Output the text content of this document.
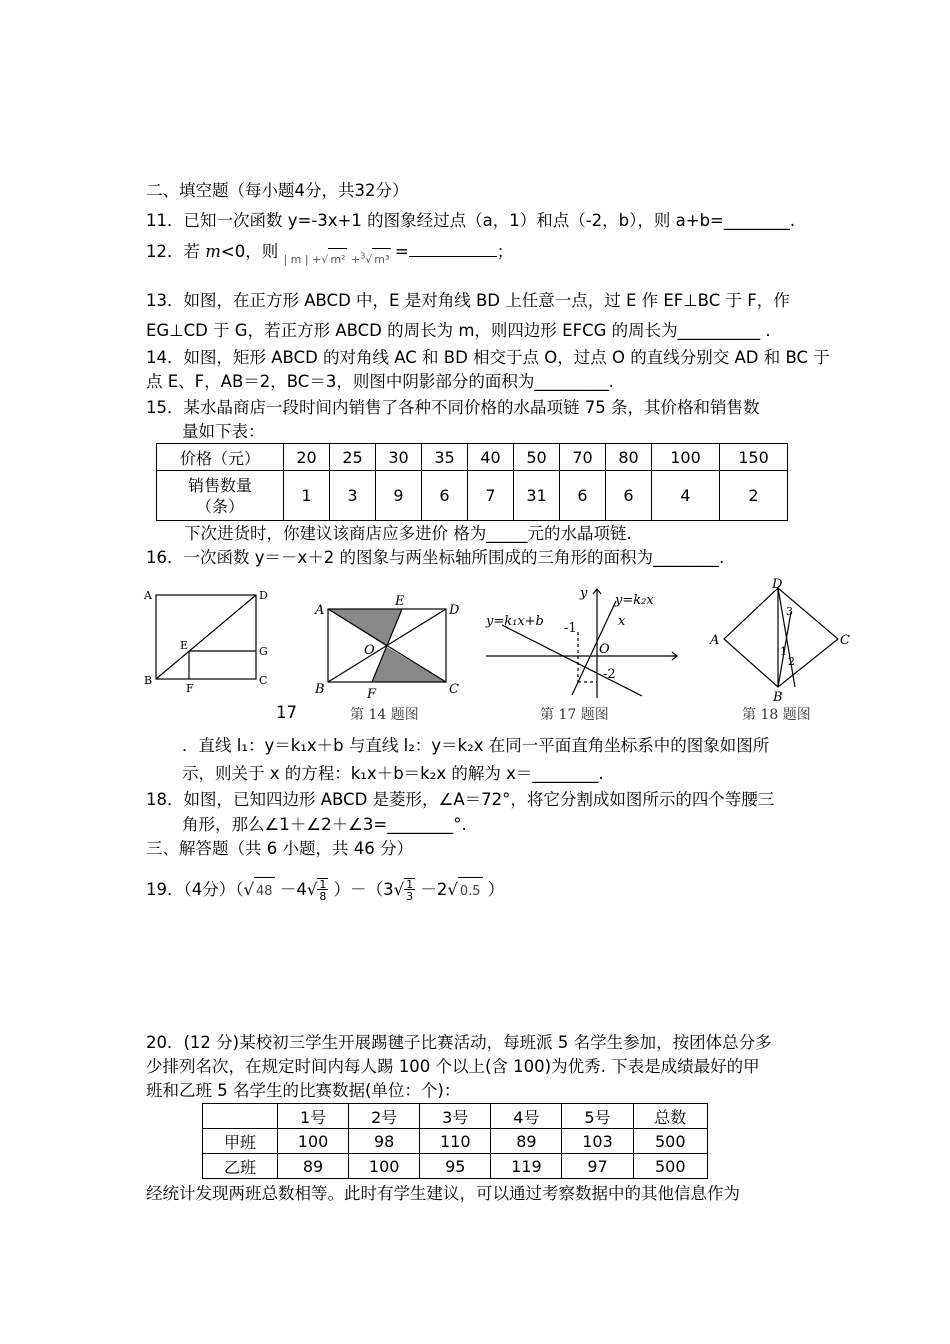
二、填空题（每小题4分，共32分）
11．已知一次函数 y=-3x+1 的图象经过点（a，1）和点（-2，b），则 a+b=________.
12．若 m<0，则 $_{| m | +√ m^2 +^3√ m^3}$ =	；
13．如图，在正方形 ABCD 中，E 是对角线 BD 上任意一点，过 E 作 EF⊥BC 于 F，作
EG⊥CD 于 G，若正方形 ABCD 的周长为 m，则四边形 EFCG 的周长为__________ .
14．如图，矩形 ABCD 的对角线 AC 和 BD 相交于点 O，过点 O 的直线分别交 AD 和 BC 于
点 E、F，AB＝2，BC＝3，则图中阴影部分的面积为_________.
15．某水晶商店一段时间内销售了各种不同价格的水晶项链 75 条，其价格和销售数
量如下表：
价格（元）	20	25	30	35	40	50	70	80	100	150
销售数量
（条）	1	3	9	6	7	31	6	6	4	2
下次进货时，你建议该商店应多进价 格为_____元的水晶项链.
16．一次函数 y＝－x＋2 的图象与两坐标轴所围成的三角形的面积为________.
A	D
B	C
E	G
F
A
E
D
O
B	F	C
y
x
O
y=k₁x+b
y=k₂x
-1
-2
D
A	C
B
3
1
2
17	第 14 题图	第 17 题图	第 18 题图
．直线 l₁：y＝k₁x＋b 与直线 l₂：y＝k₂x 在同一平面直角坐标系中的图象如图所
示，则关于 x 的方程：k₁x＋b＝k₂x 的解为 x＝________.
18．如图，已知四边形 ABCD 是菱形，∠A＝72°，将它分割成如图所示的四个等腰三
角形，那么∠1＋∠2＋∠3=________°.
三、解答题（共 6 小题，共 46 分）
19．（4分）（√ $48 -4√\frac{1}{8} )-(3√\frac{1}{3} -2√$ 0.5 ）
20．(12 分)某校初三学生开展踢毽子比赛活动，每班派 5 名学生参加，按团体总分多
少排列名次，在规定时间内每人踢 100 个以上(含 100)为优秀. 下表是成绩最好的甲
班和乙班 5 名学生的比赛数据(单位：个)：
	1号	2号	3号	4号	5号	总数
甲班	100	98	110	89	103	500
乙班	89	100	95	119	97	500
经统计发现两班总数相等。此时有学生建议，可以通过考察数据中的其他信息作为
